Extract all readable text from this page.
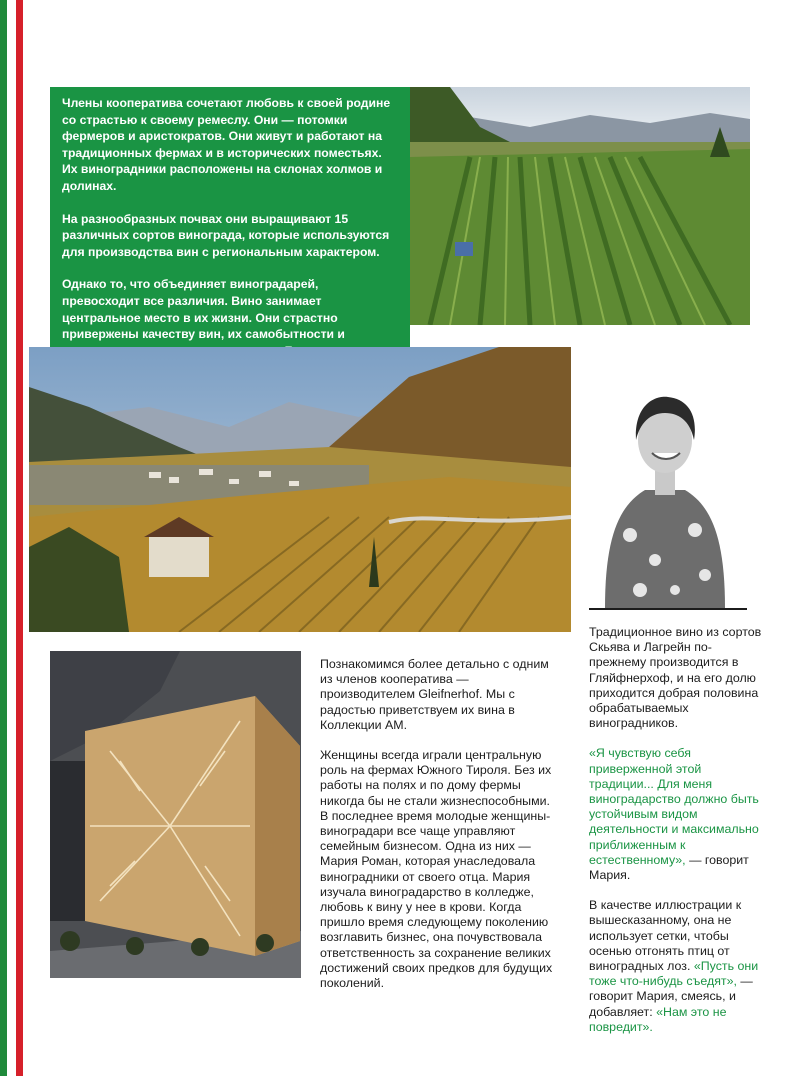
Члены кооператива сочетают любовь к своей родине со страстью к своему ремеслу. Они — потомки фермеров и аристократов. Они живут и работают на традиционных фермах и в исторических поместьях. Их виноградники расположены на склонах холмов и долинах.

На разнообразных почвах они выращивают 15 различных сортов винограда, которые используются для производства вин с региональным характером.

Однако то, что объединяет виноградарей, превосходит все различия. Вино занимает центральное место в их жизни. Они страстно привержены качеству вин, их самобытности и

Познакомимся более детально с одним из членов кооператива — производителем Gleifnerhof. Мы с радостью приветствуем их вина в Коллекции AM.

Женщины всегда играли центральную роль на фермах Южного Тироля. Без их работы на полях и по дому фермы никогда бы не стали жизнеспособными. В последнее время молодые женщины-виноградари все чаще управляют семейным бизнесом. Одна из них — Мария Роман, которая унаследовала виноградники от своего отца. Мария изучала виноградарство в колледже, любовь к вину у нее в крови. Когда пришло время следующему поколению возглавить бизнес, она почувствовала ответственность за сохранение великих достижений своих предков для будущих поколений.

Традиционное вино из сортов Скьява и Лагрейн по-прежнему производится в Гляйфнерхоф, и на его долю приходится добрая половина обрабатываемых виноградников.

«Я чувствую себя приверженной этой традиции... Для меня виноградарство должно быть устойчивым видом деятельности и максимально приближенным к естественному», — говорит Мария.

В качестве иллюстрации к вышесказанному, она не использует сетки, чтобы осенью отгонять птиц от виноградных лоз. «Пусть они тоже что-нибудь съедят», — говорит Мария, смеясь, и добавляет: «Нам это не повредит».
